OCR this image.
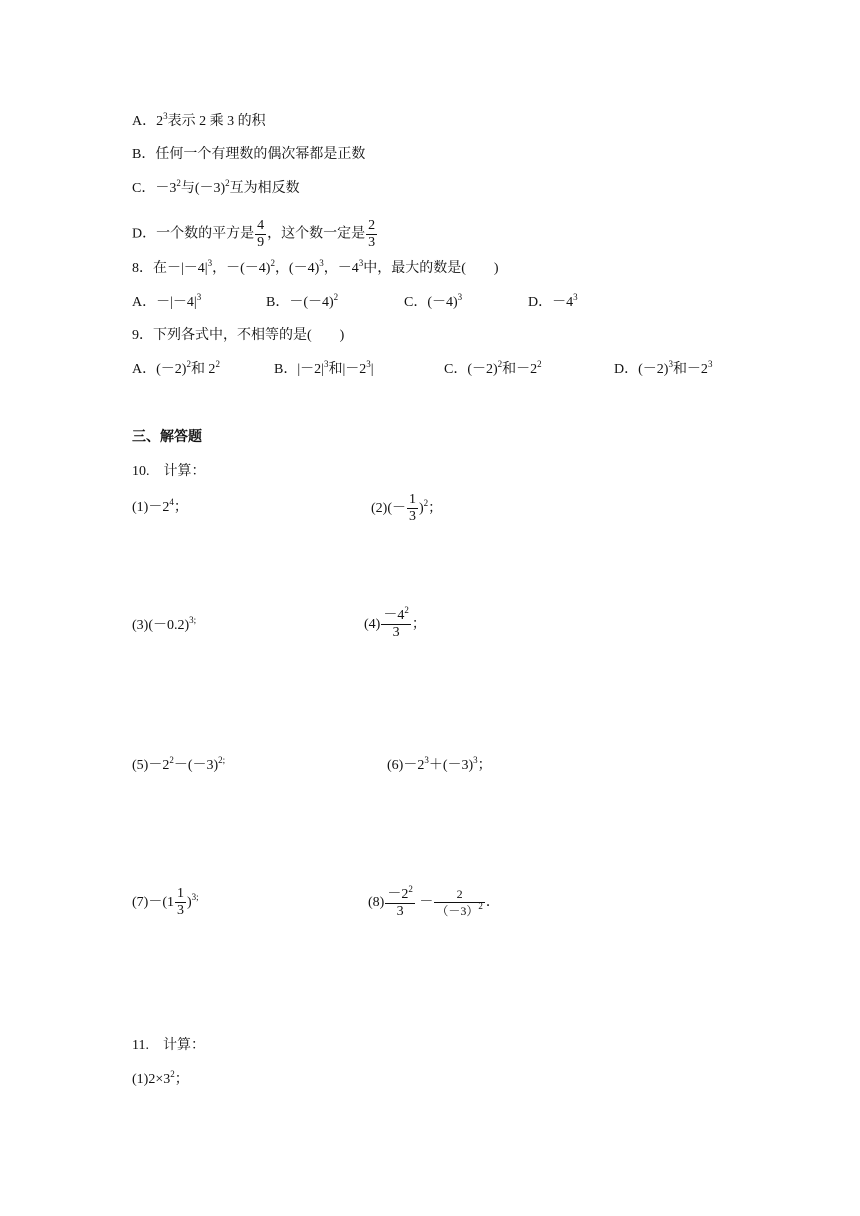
A．$2^3$表示 2 乘 3 的积
B．任何一个有理数的偶次幂都是正数
C．$-3^2$与$(-3)^2$互为相反数
D．一个数的平方是 $\frac{4}{9}$ ，这个数一定是 $\frac{2}{3}$
8．在$-|-4|^3$，$-(-4)^2$，$(-4)^3$，$-4^3$中，最大的数是(　　)
A．$-|-4|^3$	B．$-(-4)^2$	C．$(-4)^3$	D．$-4^3$
9．下列各式中，不相等的是(　　)
A．$(-2)^2$和 $2^2$	B．$|-2|^3$和$|-2^3|$	C．$(-2)^2$和$-2^2$	D．$(-2)^3$和$-2^3$
三、解答题
10.　计算：
$(1)-2^4$；	$(2)(- \frac{1}{3} )^2$；
$(3)(-0.2)^{3;}$	$(4) \frac{-4^2}{3}$ ；
$(5)-2^2-(-3)^{2;}$	$(6)-2^3+(-3)^3$；
$(7)-(1 \frac{1}{3} )^{3;}$	$(8) \frac{-2^2}{3} - \frac{2}{(-3)^2}$ ．
11.　计算：
$(1)2\times 3^2$；
